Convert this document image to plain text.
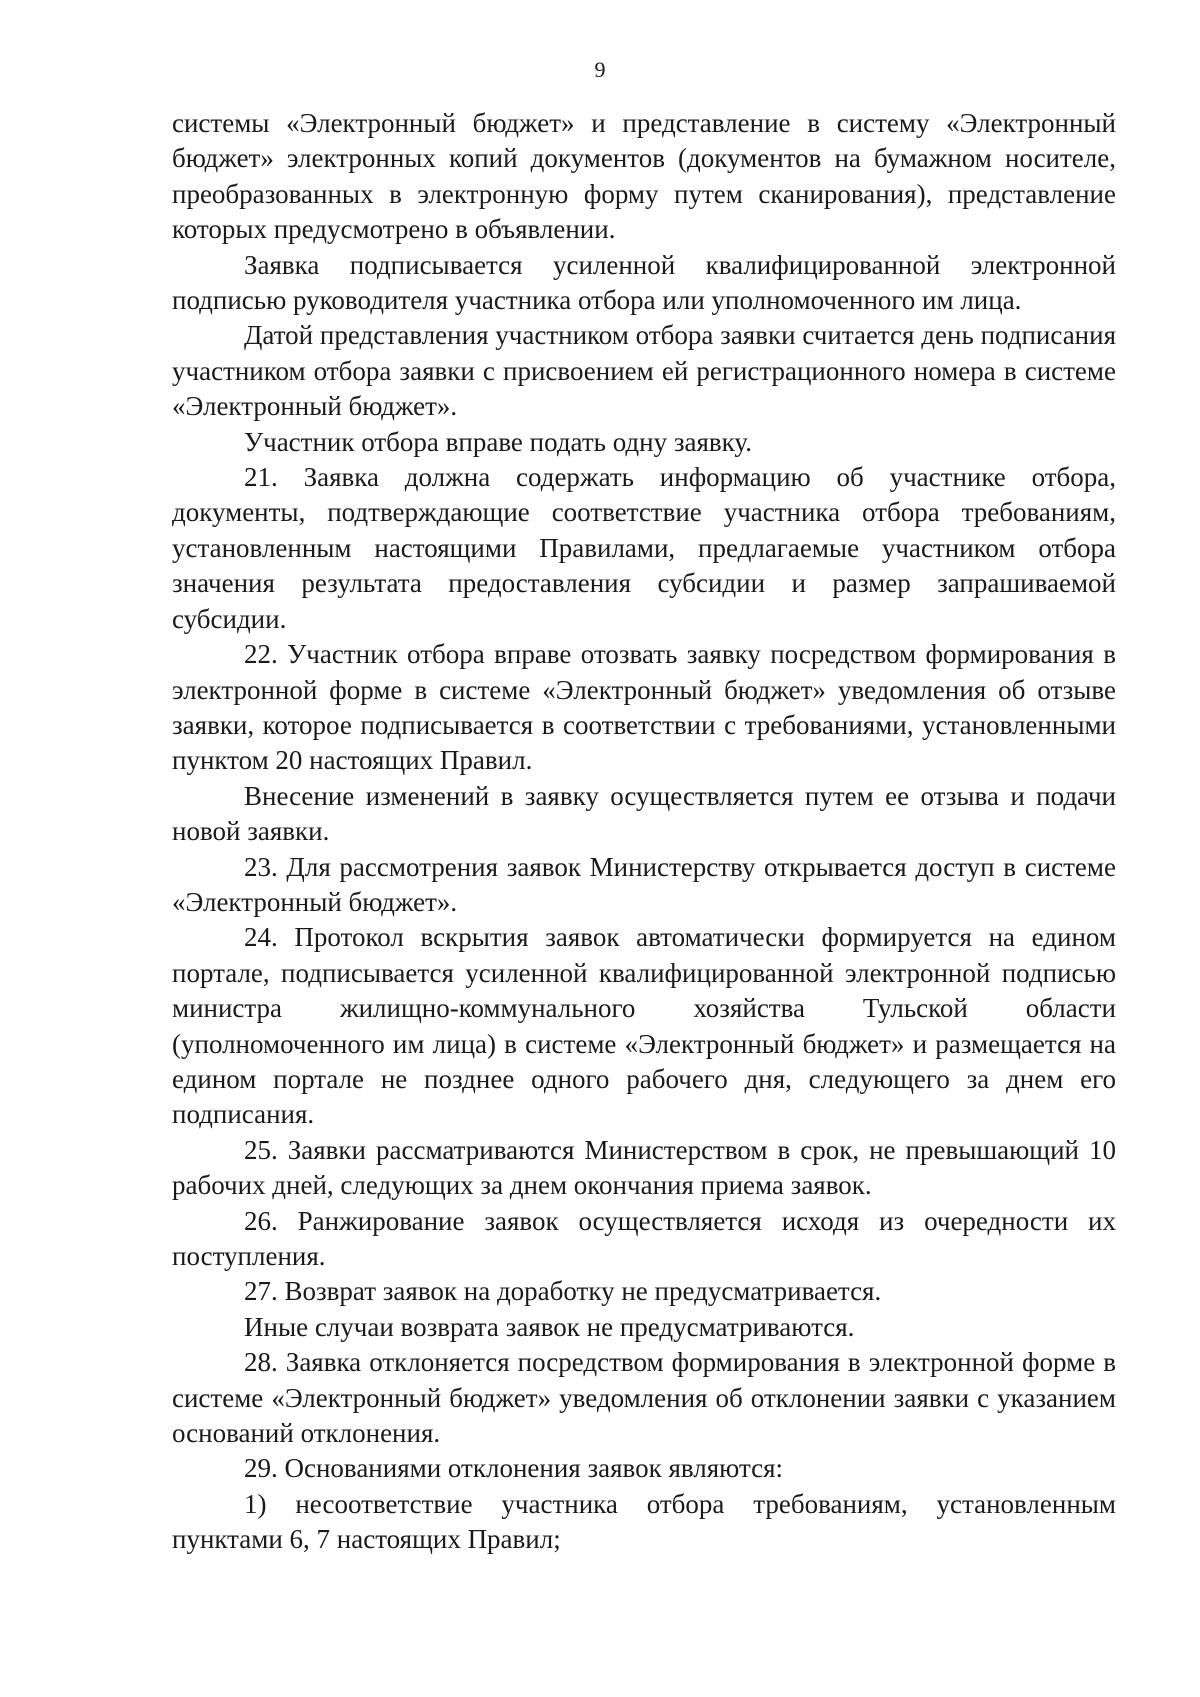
9

системы «Электронный бюджет» и представление в систему «Электронный бюджет» электронных копий документов (документов на бумажном носителе, преобразованных в электронную форму путем сканирования), представление которых предусмотрено в объявлении.

Заявка подписывается усиленной квалифицированной электронной подписью руководителя участника отбора или уполномоченного им лица.

Датой представления участником отбора заявки считается день подписания участником отбора заявки с присвоением ей регистрационного номера в системе «Электронный бюджет».

Участник отбора вправе подать одну заявку.

21. Заявка должна содержать информацию об участнике отбора, документы, подтверждающие соответствие участника отбора требованиям, установленным настоящими Правилами, предлагаемые участником отбора значения результата предоставления субсидии и размер запрашиваемой субсидии.

22. Участник отбора вправе отозвать заявку посредством формирования в электронной форме в системе «Электронный бюджет» уведомления об отзыве заявки, которое подписывается в соответствии с требованиями, установленными пунктом 20 настоящих Правил.

Внесение изменений в заявку осуществляется путем ее отзыва и подачи новой заявки.

23. Для рассмотрения заявок Министерству открывается доступ в системе «Электронный бюджет».

24. Протокол вскрытия заявок автоматически формируется на едином портале, подписывается усиленной квалифицированной электронной подписью министра жилищно-коммунального хозяйства Тульской области (уполномоченного им лица) в системе «Электронный бюджет» и размещается на едином портале не позднее одного рабочего дня, следующего за днем его подписания.

25. Заявки рассматриваются Министерством в срок, не превышающий 10 рабочих дней, следующих за днем окончания приема заявок.

26. Ранжирование заявок осуществляется исходя из очередности их поступления.

27. Возврат заявок на доработку не предусматривается.

Иные случаи возврата заявок не предусматриваются.

28. Заявка отклоняется посредством формирования в электронной форме в системе «Электронный бюджет» уведомления об отклонении заявки с указанием оснований отклонения.

29. Основаниями отклонения заявок являются:

1) несоответствие участника отбора требованиям, установленным пунктами 6, 7 настоящих Правил;
